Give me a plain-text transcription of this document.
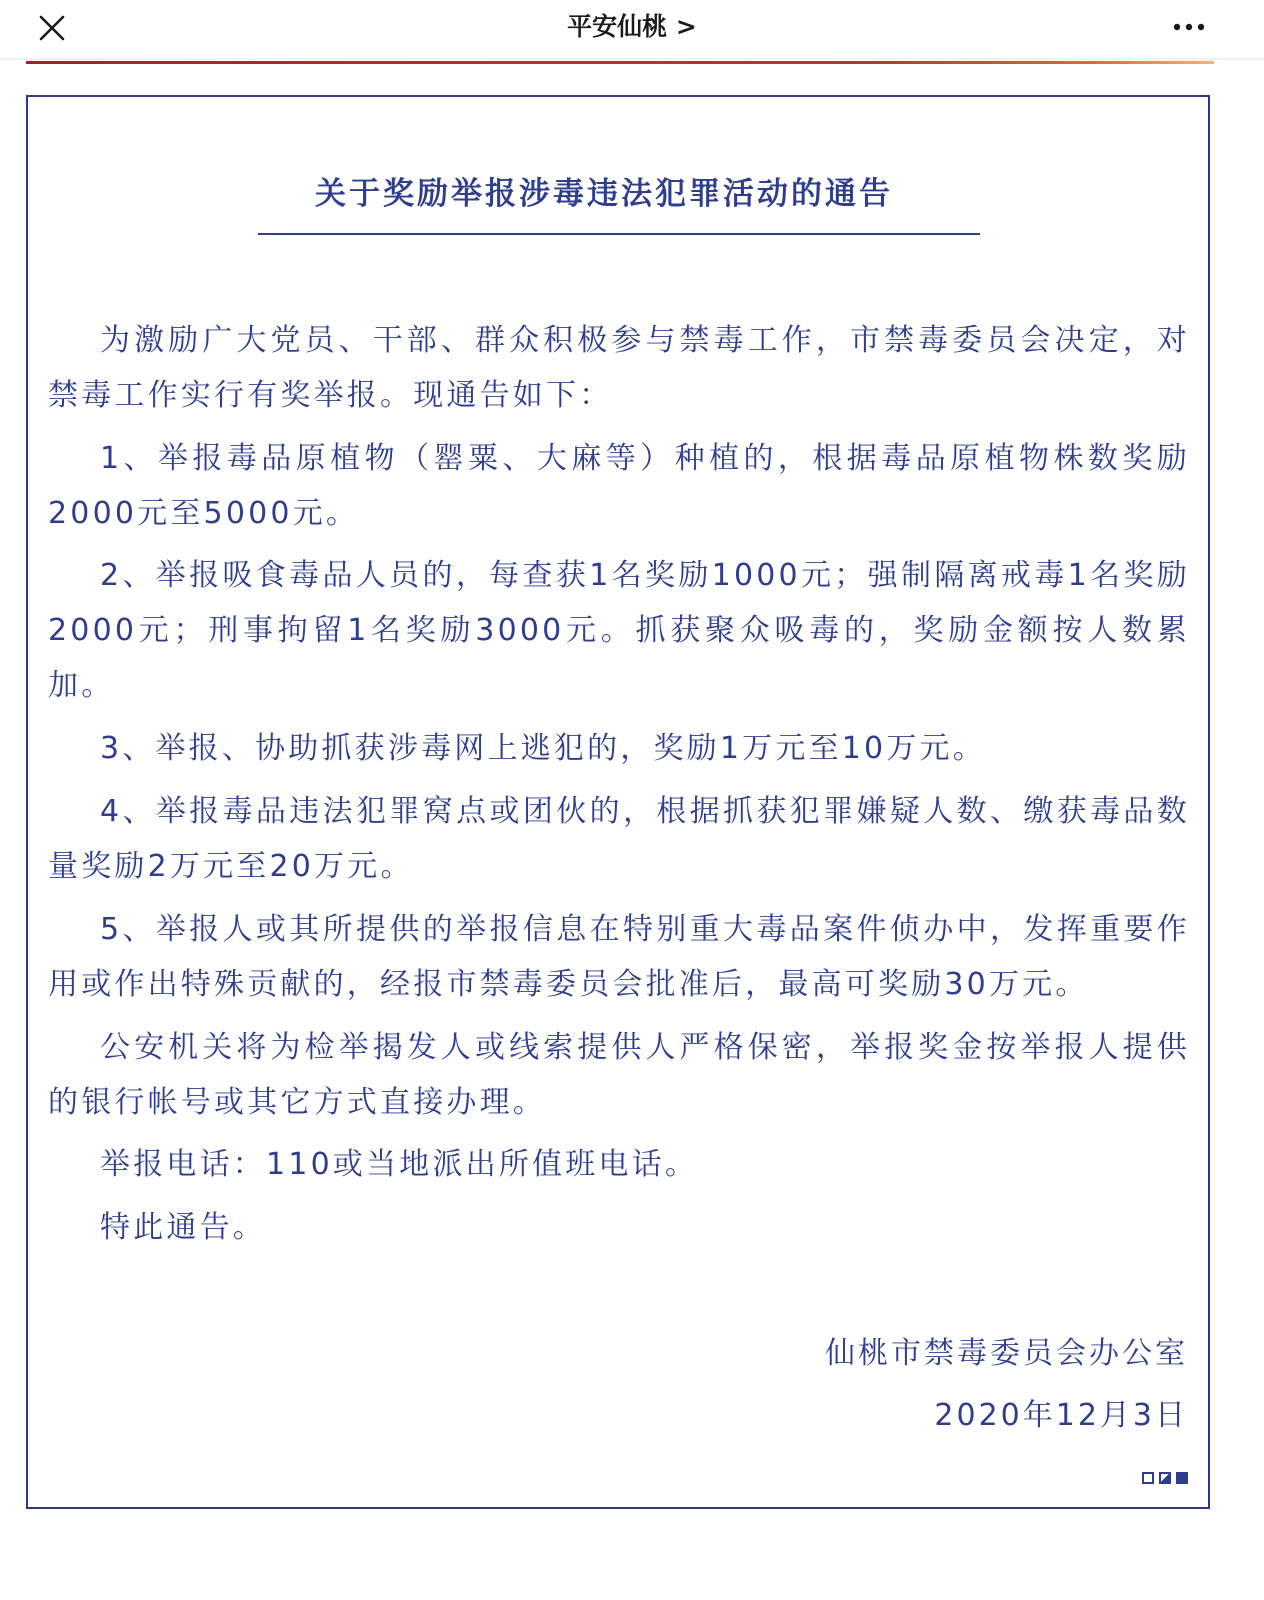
平安仙桃 >
关于奖励举报涉毒违法犯罪活动的通告

为激励广大党员、干部、群众积极参与禁毒工作，市禁毒委员会决定，对禁毒工作实行有奖举报。现通告如下：

1、举报毒品原植物（罂粟、大麻等）种植的，根据毒品原植物株数奖励2000元至5000元。

2、举报吸食毒品人员的，每查获1名奖励1000元；强制隔离戒毒1名奖励2000元；刑事拘留1名奖励3000元。抓获聚众吸毒的，奖励金额按人数累加。

3、举报、协助抓获涉毒网上逃犯的，奖励1万元至10万元。

4、举报毒品违法犯罪窝点或团伙的，根据抓获犯罪嫌疑人数、缴获毒品数量奖励2万元至20万元。

5、举报人或其所提供的举报信息在特别重大毒品案件侦办中，发挥重要作用或作出特殊贡献的，经报市禁毒委员会批准后，最高可奖励30万元。

公安机关将为检举揭发人或线索提供人严格保密，举报奖金按举报人提供的银行帐号或其它方式直接办理。

举报电话：110或当地派出所值班电话。

特此通告。

仙桃市禁毒委员会办公室
2020年12月3日
